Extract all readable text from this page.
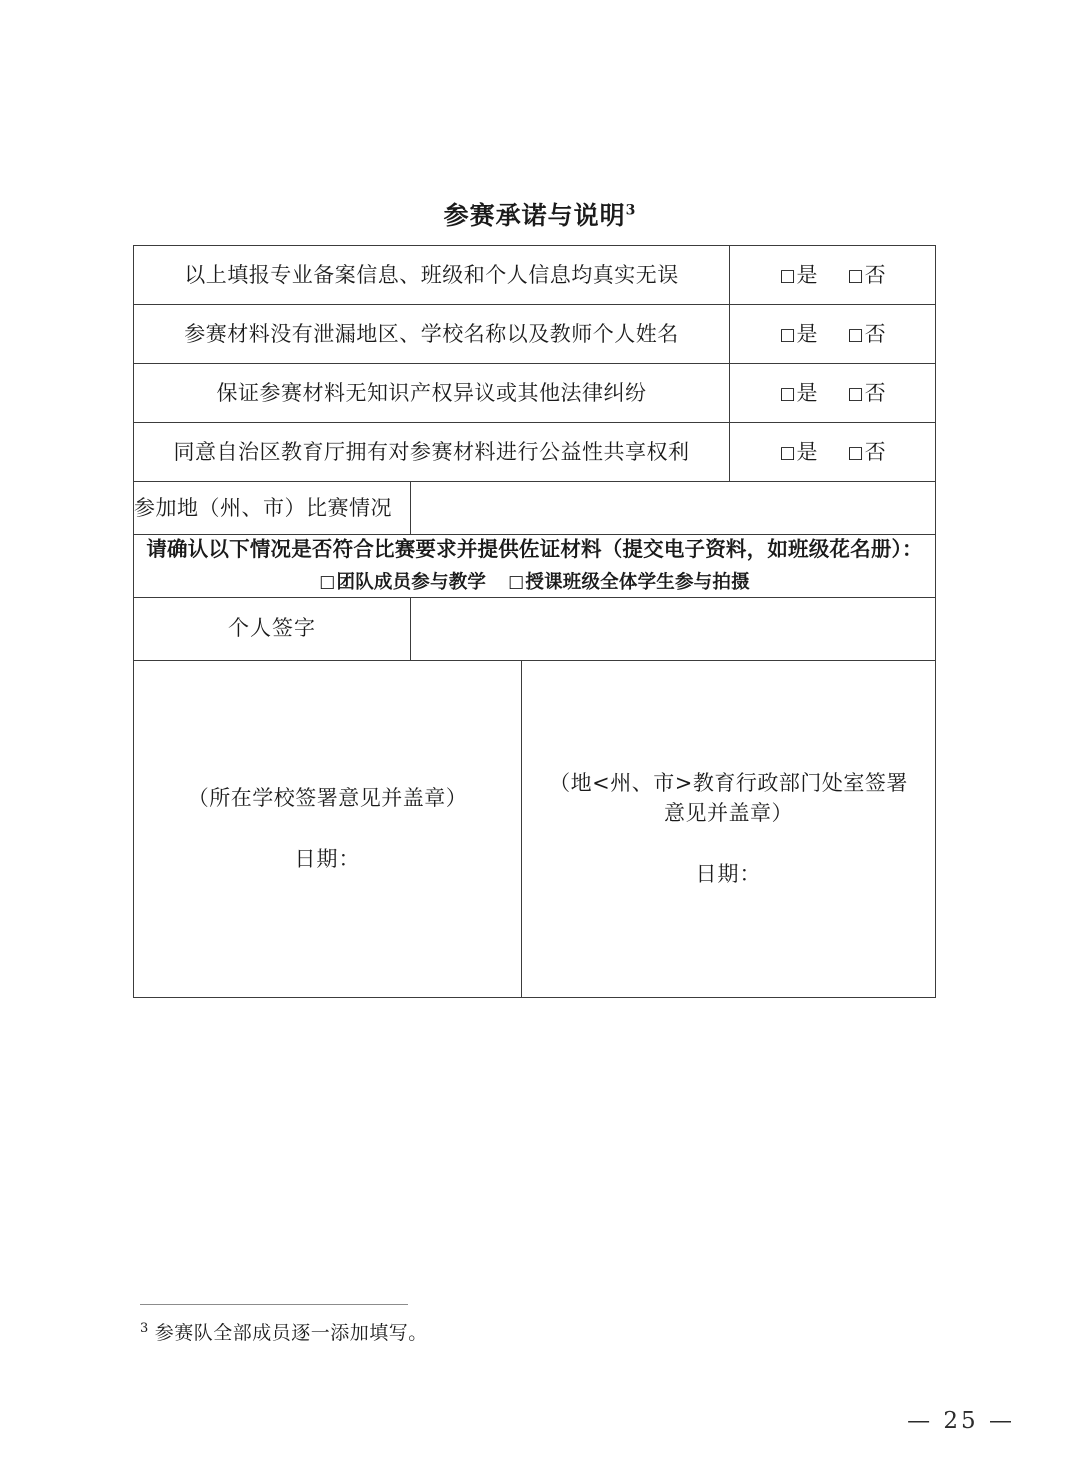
参赛承诺与说明$^3$
以上填报专业备案信息、班级和个人信息均真实无误			□是 □否
参赛材料没有泄漏地区、学校名称以及教师个人姓名			□是 □否
保证参赛材料无知识产权异议或其他法律纠纷			□是 □否
同意自治区教育厅拥有对参赛材料进行公益性共享权利			□是 □否
参加地（州、市）比赛情况			

请确认以下情况是否符合比赛要求并提供佐证材料（提交电子资料，如班级花名册）：
□团队成员参与教学 □授课班级全体学生参与拍摄			

个人签字			

（所在学校签署意见并盖章）
日期：

（地<州、市>教育行政部门处室签署
意见并盖章）
日期：
$^3$ 参赛队全部成员逐一添加填写。
— 25 —
